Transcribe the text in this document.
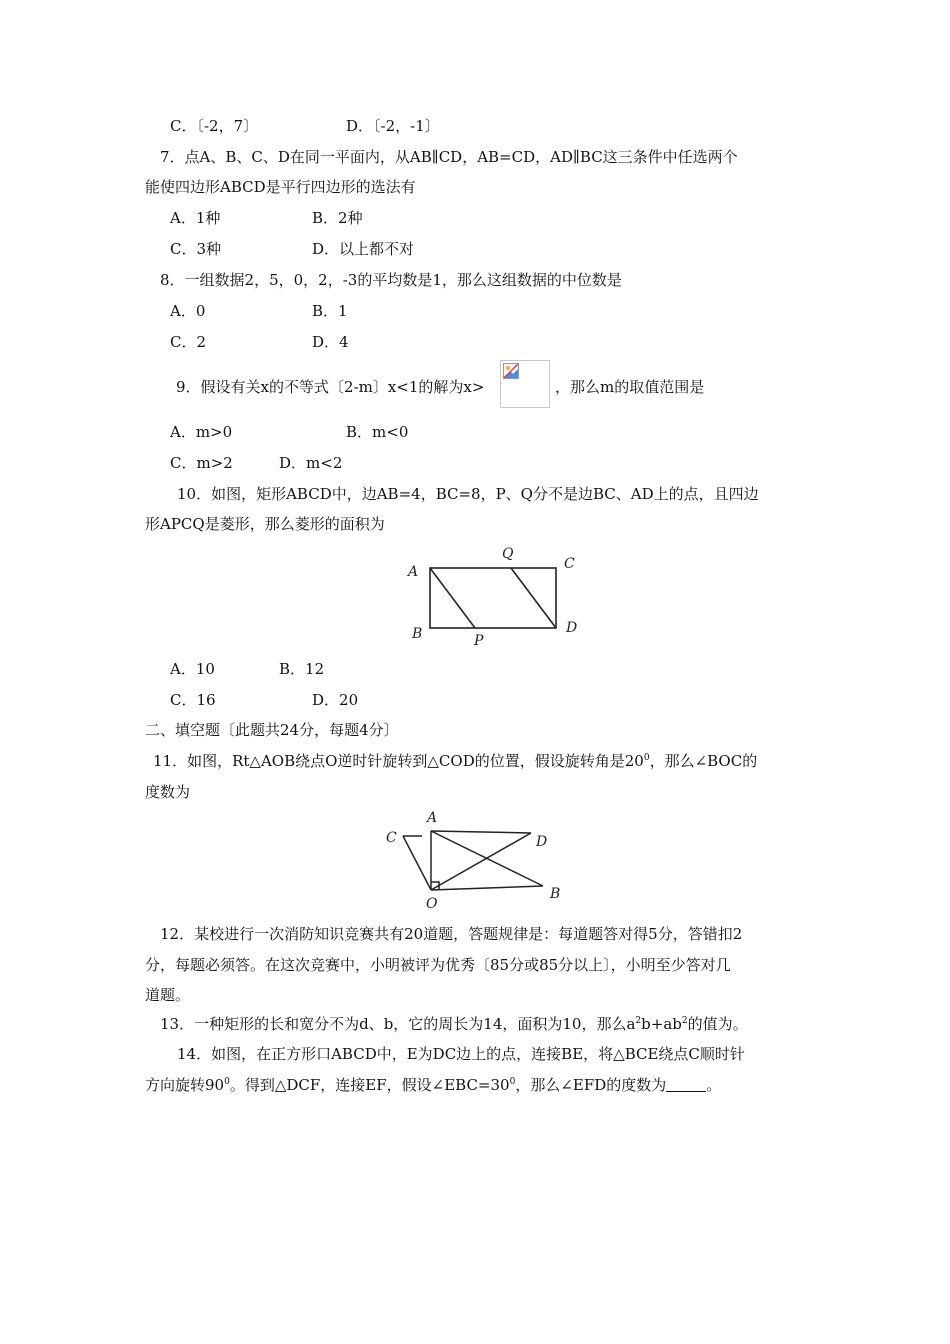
C．〔-2，7〕	D．〔-2，-1〕
7．点A、B、C、D在同一平面内，从AB∥CD，AB=CD，AD∥BC这三条件中任选两个
能使四边形ABCD是平行四边形的选法有
A．1种	B．2种
C．3种	D．以上都不对
8．一组数据2，5，0，2，-3的平均数是1，那么这组数据的中位数是
A．0	B．1
C．2	D．4
9．假设有关x的不等式〔2-m〕x<1的解为x>	，那么m的取值范围是
A．m>0	B．m<0
C．m>2	D．m<2
10．如图，矩形ABCD中，边AB=4，BC=8，P、Q分不是边BC、AD上的点，且四边
形APCQ是菱形，那么菱形的面积为
A
Q
C
B	P
D
A．10	B．12
C．16	D．20
二、填空题〔此题共24分，每题4分〕
11．如图，Rt△AOB绕点O逆时针旋转到△COD的位置，假设旋转角是$20^0$，那么∠BOC的
度数为
A
C	D
B
O
12．某校进行一次消防知识竞赛共有20道题，答题规律是：每道题答对得5分，答错扣2
分，每题必须答。在这次竞赛中，小明被评为优秀〔85分或85分以上〕，小明至少答对几
道题。
13．一种矩形的长和宽分不为d、b，它的周长为14，面积为10，那么$a^2b+ab^2$的值为。
14．如图，在正方形口ABCD中，E为DC边上的点，连接BE，将△BCE绕点C顺时针
方向旋转$90^0$。得到△DCF，连接EF，假设$\angle EBC=30^0$，那么∠EFD的度数为	。
